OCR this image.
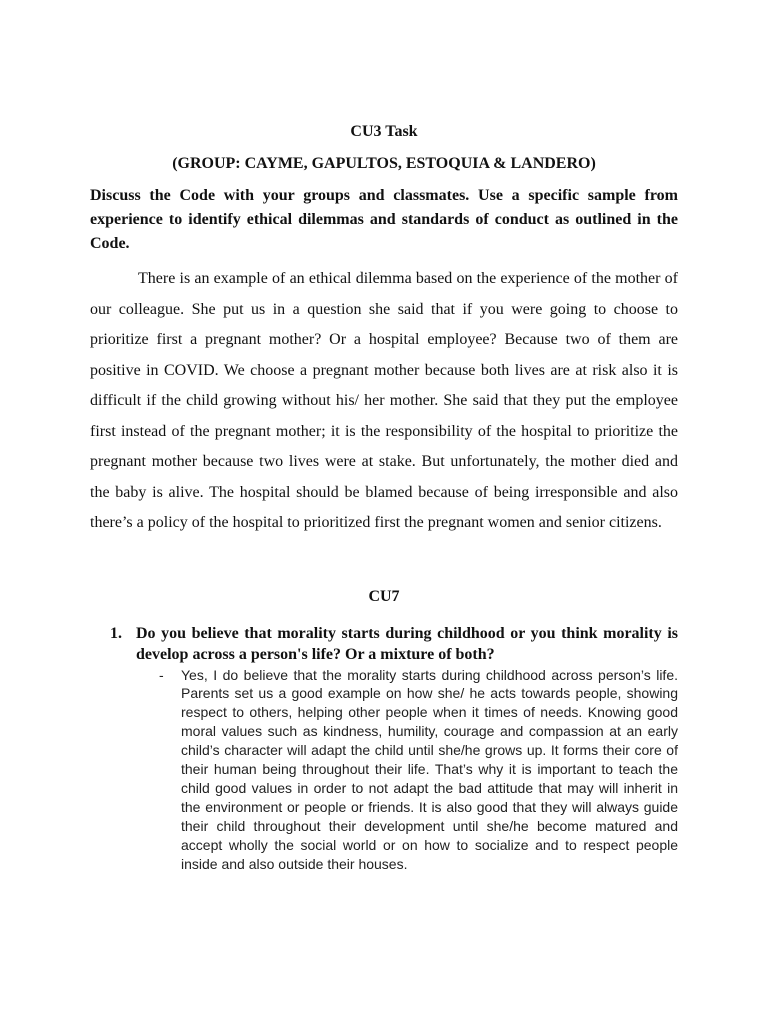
CU3 Task

(GROUP: CAYME, GAPULTOS, ESTOQUIA & LANDERO)

Discuss the Code with your groups and classmates. Use a specific sample from experience to identify ethical dilemmas and standards of conduct as outlined in the Code.

There is an example of an ethical dilemma based on the experience of the mother of our colleague. She put us in a question she said that if you were going to choose to prioritize first a pregnant mother? Or a hospital employee? Because two of them are positive in COVID. We choose a pregnant mother because both lives are at risk also it is difficult if the child growing without his/ her mother. She said that they put the employee first instead of the pregnant mother; it is the responsibility of the hospital to prioritize the pregnant mother because two lives were at stake. But unfortunately, the mother died and the baby is alive. The hospital should be blamed because of being irresponsible and also there’s a policy of the hospital to prioritized first the pregnant women and senior citizens.

CU7

1. Do you believe that morality starts during childhood or you think morality is develop across a person's life? Or a mixture of both?
- Yes, I do believe that the morality starts during childhood across person’s life. Parents set us a good example on how she/ he acts towards people, showing respect to others, helping other people when it times of needs. Knowing good moral values such as kindness, humility, courage and compassion at an early child’s character will adapt the child until she/he grows up. It forms their core of their human being throughout their life. That’s why it is important to teach the child good values in order to not adapt the bad attitude that may will inherit in the environment or people or friends. It is also good that they will always guide their child throughout their development until she/he become matured and accept wholly the social world or on how to socialize and to respect people inside and also outside their houses.
